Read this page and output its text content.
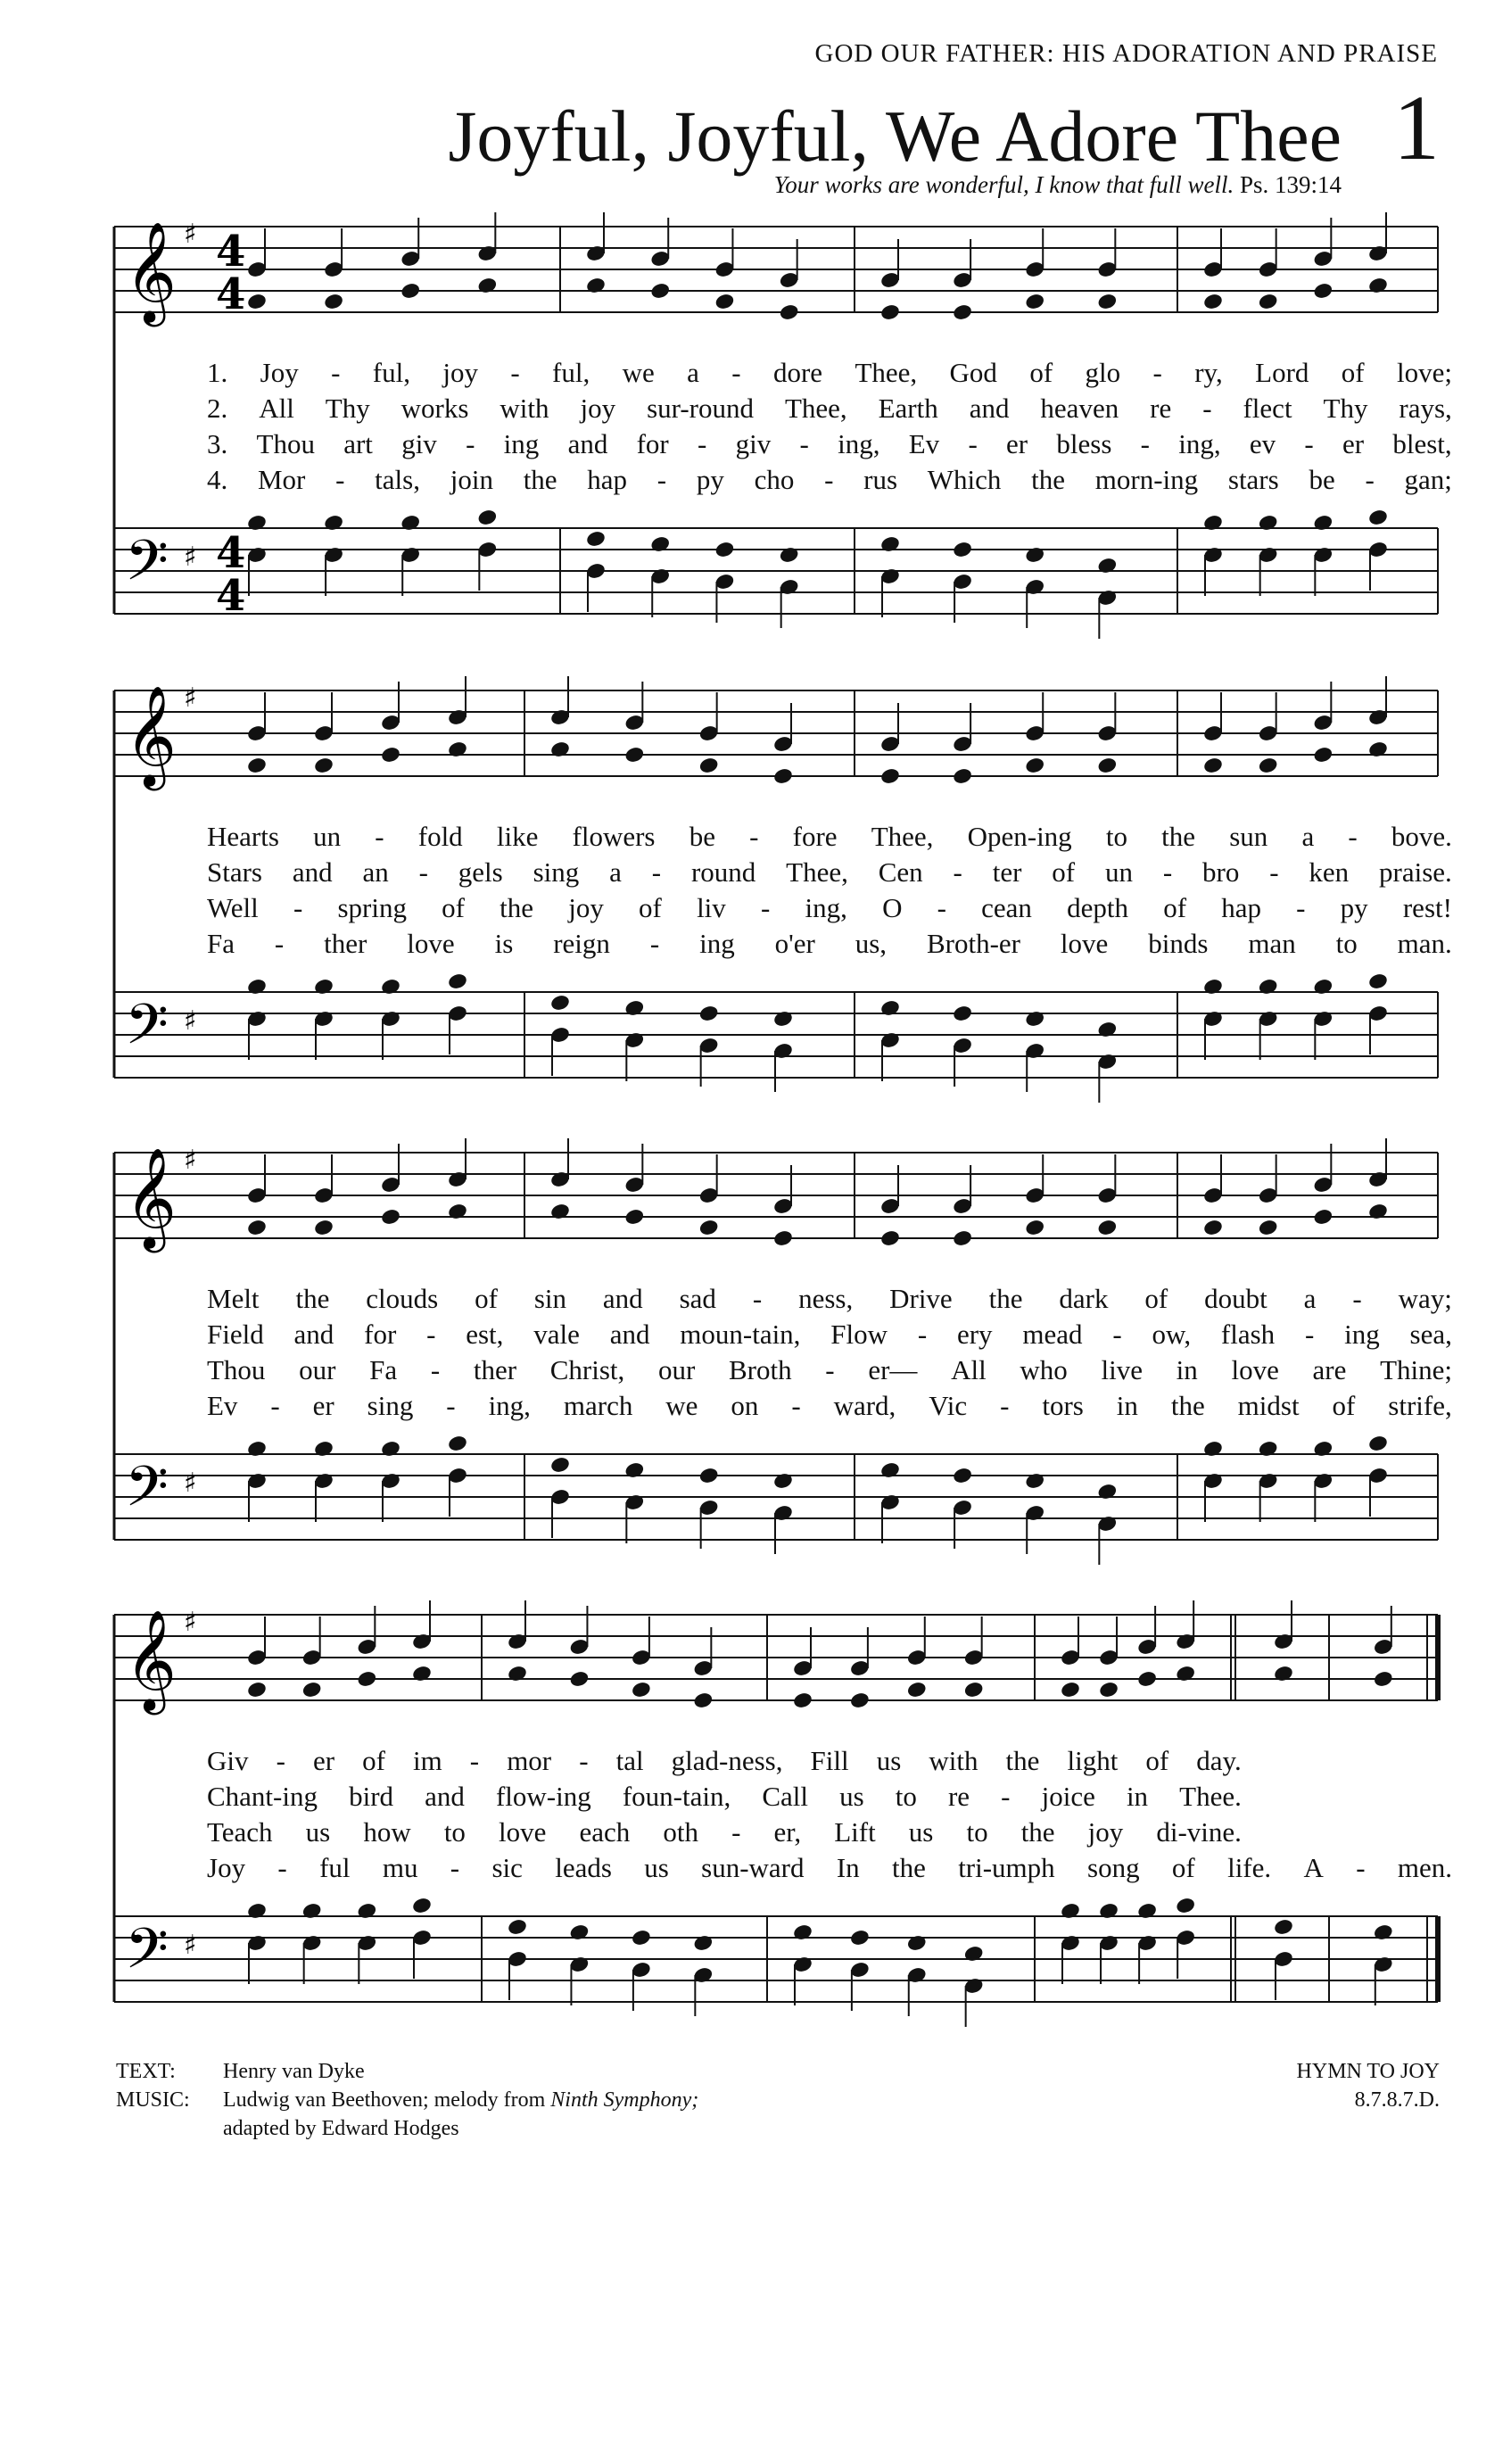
GOD OUR FATHER: HIS ADORATION AND PRAISE
Joyful, Joyful, We Adore Thee 1
Your works are wonderful, I know that full well. Ps. 139:14
𝄞
𝄢
♯
♯
4
4
4
4
1. Joy - ful, joy - ful, we a - dore Thee, God of glo - ry, Lord of love;
2. All Thy works with joy sur-round Thee, Earth and heaven re - flect Thy rays,
3. Thou art giv - ing and for - giv - ing, Ev - er bless - ing, ev - er blest,
4. Mor - tals, join the hap - py cho - rus Which the morn-ing stars be - gan;
𝄞
𝄢
♯
♯
Hearts un - fold like flowers be - fore Thee, Open-ing to the sun a - bove.
Stars and an - gels sing a - round Thee, Cen - ter of un - bro - ken praise.
Well - spring of the joy of liv - ing, O - cean depth of hap - py rest!
Fa - ther love is reign - ing o'er us, Broth-er love binds man to man.
𝄞
𝄢
♯
♯
Melt the clouds of sin and sad - ness, Drive the dark of doubt a - way;
Field and for - est, vale and moun-tain, Flow - ery mead - ow, flash - ing sea,
Thou our Fa - ther Christ, our Broth - er— All who live in love are Thine;
Ev - er sing - ing, march we on - ward, Vic - tors in the midst of strife,
𝄞
𝄢
♯
♯
Giv - er of im - mor - tal glad-ness, Fill us with the light of day.
Chant-ing bird and flow-ing foun-tain, Call us to re - joice in Thee.
Teach us how to love each oth - er, Lift us to the joy di-vine.
Joy - ful mu - sic leads us sun-ward In the tri-umph song of life. A - men.
TEXT: Henry van Dyke
MUSIC: Ludwig van Beethoven; melody from Ninth Symphony;
adapted by Edward Hodges
HYMN TO JOY
8.7.8.7.D.
